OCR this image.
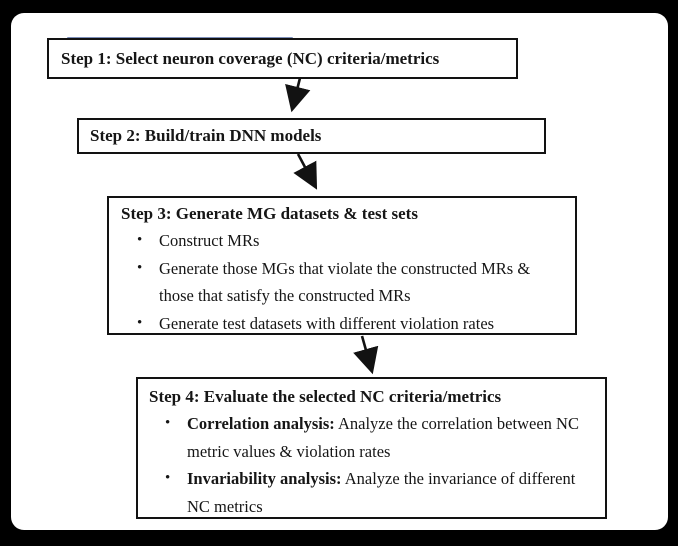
Step 1: Select neuron coverage (NC) criteria/metrics
Step 2: Build/train DNN models
Step 3: Generate MG datasets & test sets
•	Construct MRs
•	Generate those MGs that violate the constructed MRs & those that satisfy the constructed MRs
•	Generate test datasets with different violation rates
Step 4: Evaluate the selected NC criteria/metrics
•	Correlation analysis: Analyze the correlation between NC metric values & violation rates
•	Invariability analysis: Analyze the invariance of different NC metrics
